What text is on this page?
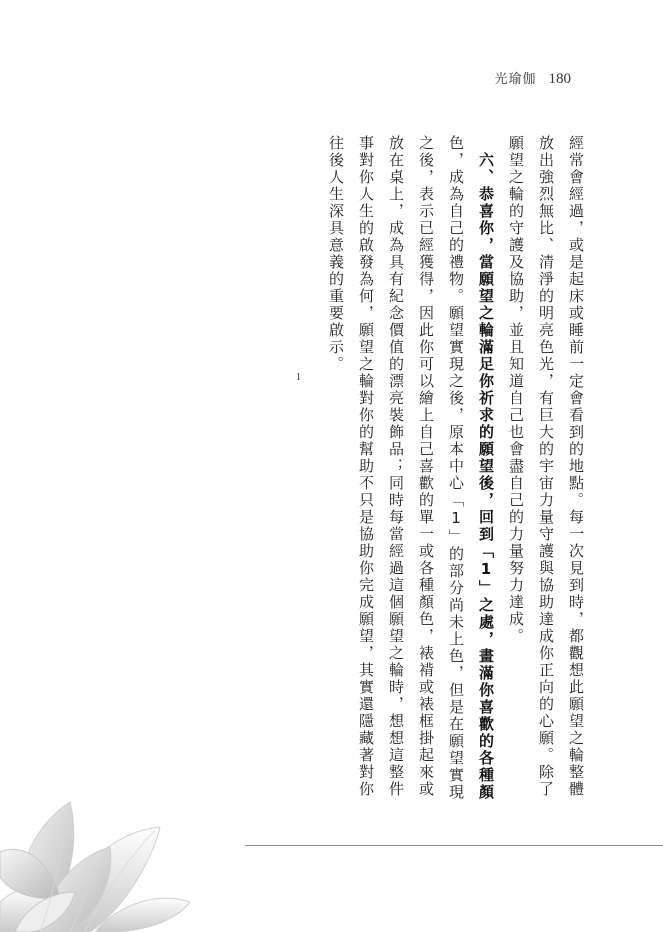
光瑜伽 180
經常會經過，或是起床或睡前一定會看到的地點。每一次見到時，都觀想此願望之輪整體
放出強烈無比、清淨的明亮色光，有巨大的宇宙力量守護與協助達成你正向的心願。除了
願望之輪的守護及協助，並且知道自己也會盡自己的力量努力達成。
　六、恭喜你，當願望之輪滿足你祈求的願望後，回到「1」之處，畫滿你喜歡的各種顏
色，成為自己的禮物。願望實現之後，原本中心「1」的部分尚未上色，但是在願望實現
之後，表示已經獲得，因此你可以繪上自己喜歡的單一或各種顏色，裱褙或裱框掛起來或
放在桌上，成為具有紀念價值的漂亮裝飾品；同時每當經過這個願望之輪時，想想這整件
事對你人生的啟發為何，願望之輪對你的幫助不只是協助你完成願望，其實還隱藏著對你
往後人生深具意義的重要啟示。
1
